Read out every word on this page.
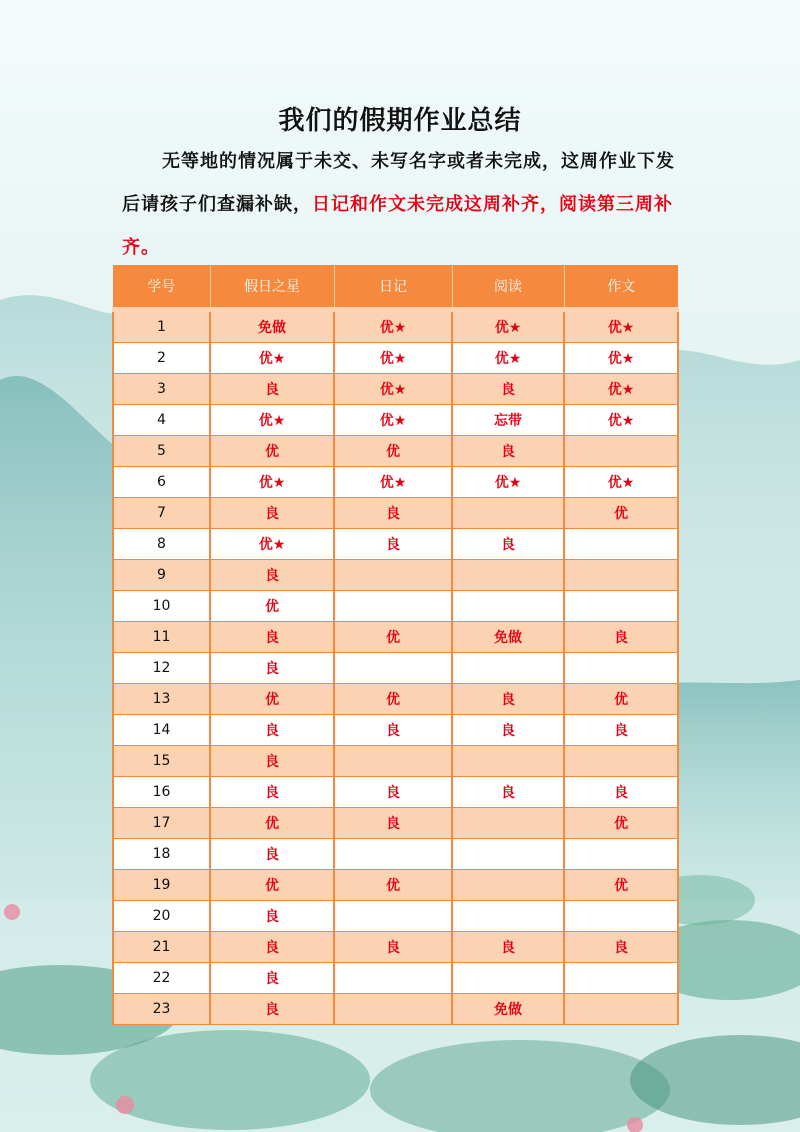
我们的假期作业总结
无等地的情况属于未交、未写名字或者未完成，这周作业下发后请孩子们查漏补缺，日记和作文未完成这周补齐，阅读第三周补齐。
学号	假日之星	日记	阅读	作文
1	免做	优★	优★	优★
2	优★	优★	优★	优★
3	良	优★	良	优★
4	优★	优★	忘带	优★
5	优	优	良	
6	优★	优★	优★	优★
7	良	良		优
8	优★	良	良	
9	良			
10	优			
11	良	优	免做	良
12	良			
13	优	优	良	优
14	良	良	良	良
15	良			
16	良	良	良	良
17	优	良		优
18	良			
19	优	优		优
20	良			
21	良	良	良	良
22	良			
23	良		免做	
